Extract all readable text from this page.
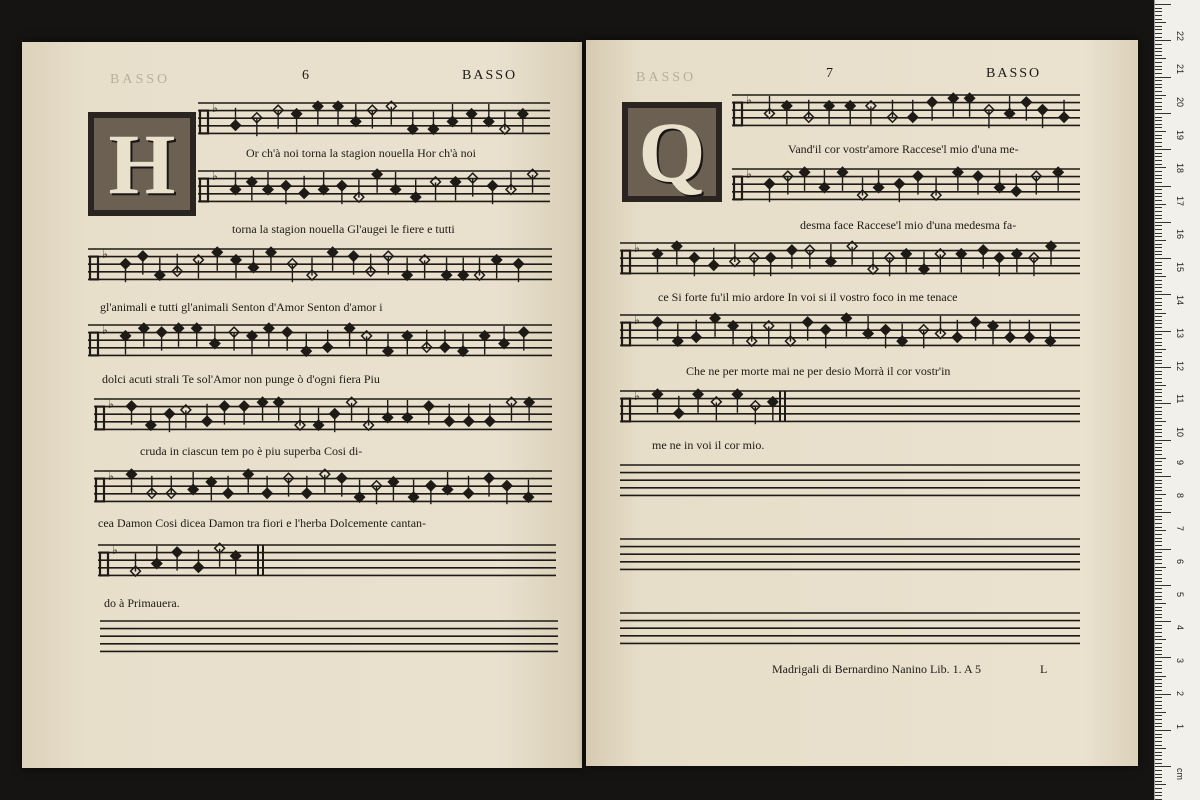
BASSO	6	BASSO
H
♭
Or ch'à noi torna la stagion nouella Hor ch'à noi
♭
torna la stagion nouella Gl'augei le fiere e tutti
♭
gl'animali e tutti gl'animali Senton d'Amor Senton d'amor i
♭
dolci acuti strali Te sol'Amor non punge ò d'ogni fiera Piu
♭
cruda in ciascun tem po è piu superba Cosi di-
♭
cea Damon Cosi dicea Damon tra fiori e l'herba Dolcemente cantan-
♭
do à Primauera.
BASSO	7	BASSO
Q
♭
Vand'il cor vostr'amore Raccese'l mio d'una me-
♭
desma face Raccese'l mio d'una medesma fa-
♭
ce Si forte fu'il mio ardore In voi si il vostro foco in me tenace
♭
Che ne per morte mai ne per desio Morrà il cor vostr'in
♭
me ne in voi il cor mio.
Madrigali di Bernardino Nanino Lib. 1. A 5	L
1
2
3
4
5
6
7
8
9
10
11
12
13
14
15
16
17
18
19
20
21
22
cm
